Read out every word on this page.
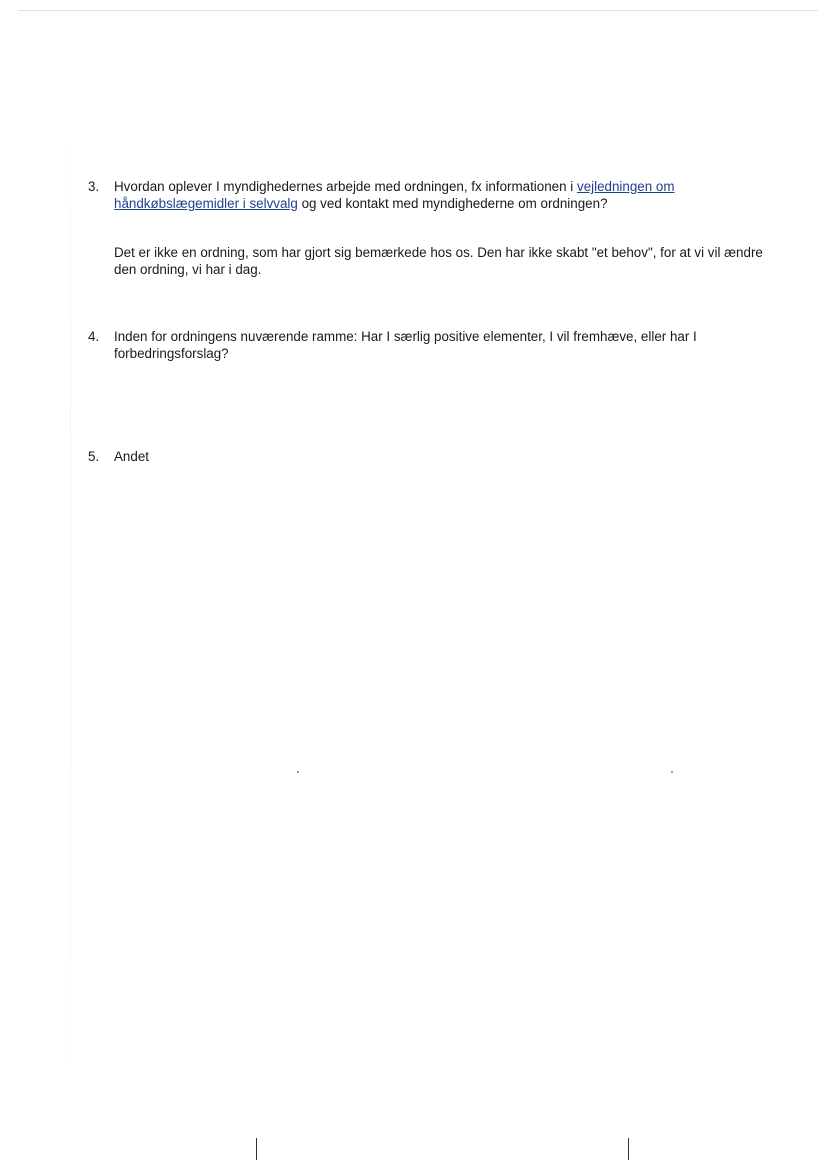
3.	Hvordan oplever I myndighedernes arbejde med ordningen, fx informationen i vejledningen om håndkøbslægemidler i selvvalg og ved kontakt med myndighederne om ordningen?
Det er ikke en ordning, som har gjort sig bemærkede hos os. Den har ikke skabt "et behov", for at vi vil ændre den ordning, vi har i dag.
4.	Inden for ordningens nuværende ramme: Har I særlig positive elementer, I vil fremhæve, eller har I forbedringsforslag?
5.	Andet
